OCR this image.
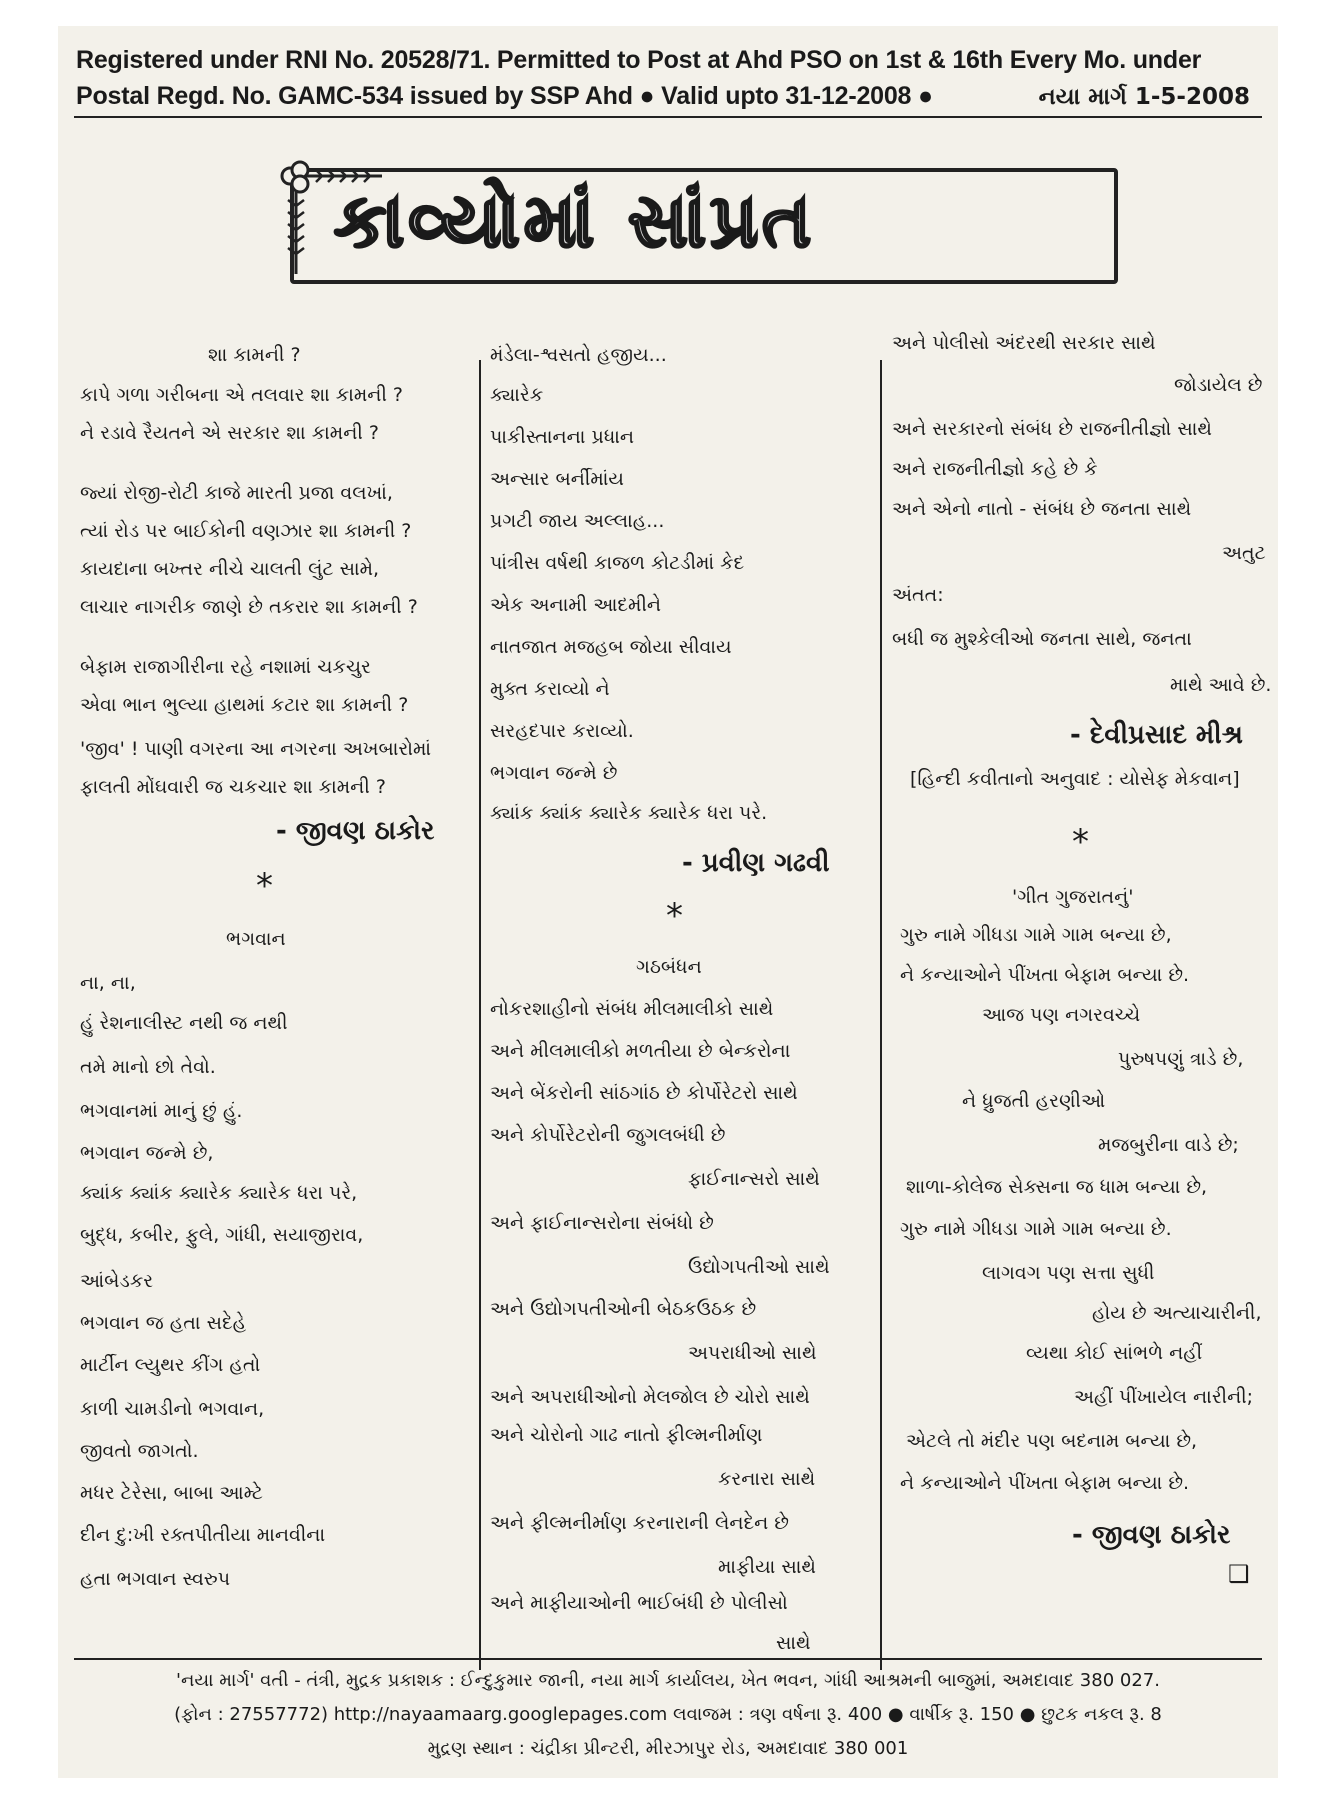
Registered under RNI No. 20528/71. Permitted to Post at Ahd PSO on 1st & 16th Every Mo. under
Postal Regd. No. GAMC-534 issued by SSP Ahd ● Valid upto 31-12-2008 ●	નયા માર્ગ 1-5-2008
કાવ્યોમાં સાંપ્રત
શા કામની ?
કાપે ગળા ગરીબના એ તલવાર શા કામની ?
ને રડાવે રૈયતને એ સરકાર શા કામની ?
જ્યાં રોજી-રોટી કાજે મારતી પ્રજા વલખાં,
ત્યાં રોડ પર બાઈકોની વણઝાર શા કામની ?
કાયદાના બખ્તર નીચે ચાલતી લુંટ સામે,
લાચાર નાગરીક જાણે છે તકરાર શા કામની ?
બેફામ રાજાગીરીના રહે નશામાં ચકચુર
એવા ભાન ભુલ્યા હાથમાં કટાર શા કામની ?
'જીવ' ! પાણી વગરના આ નગરના અખબારોમાં
ફાલતી મોંઘવારી જ ચકચાર શા કામની ?
- જીવણ ઠાકોર
*
ભગવાન
ના, ના,
હું રેશનાલીસ્ટ નથી જ નથી
તમે માનો છો તેવો.
ભગવાનમાં માનું છું હું.
ભગવાન જન્મે છે,
ક્યાંક ક્યાંક ક્યારેક ક્યારેક ધરા પરે,
બુદ્ધ, કબીર, ફુલે, ગાંધી, સયાજીરાવ,
આંબેડકર
ભગવાન જ હતા સદેહે
માર્ટીન લ્યુથર કીંગ હતો
કાળી ચામડીનો ભગવાન,
જીવતો જાગતો.
મધર ટેરેસા, બાબા આમ્ટે
દીન દુ:ખી રક્તપીતીયા માનવીના
હતા ભગવાન સ્વરુપ
મંડેલા-શ્વસતો હજીય...
ક્યારેક
પાકીસ્તાનના પ્રધાન
અન્સાર બર્નીમાંય
પ્રગટી જાય અલ્લાહ...
પાંત્રીસ વર્ષથી કાજળ કોટડીમાં કેદ
એક અનામી આદમીને
નાતજાત મજહબ જોયા સીવાય
મુક્ત કરાવ્યો ને
સરહદપાર કરાવ્યો.
ભગવાન જન્મે છે
ક્યાંક ક્યાંક ક્યારેક ક્યારેક ધરા પરે.
- પ્રવીણ ગઢવી
*
ગઠબંધન
નોકરશાહીનો સંબંધ મીલમાલીકો સાથે
અને મીલમાલીકો મળતીયા છે બેન્કરોના
અને બેંકરોની સાંઠગાંઠ છે કોર્પોરેટરો સાથે
અને કોર્પોરેટરોની જુગલબંધી છે
ફાઈનાન્સરો સાથે
અને ફાઈનાન્સરોના સંબંધો છે
ઉદ્યોગપતીઓ સાથે
અને ઉદ્યોગપતીઓની બેઠકઉઠક છે
અપરાધીઓ સાથે
અને અપરાધીઓનો મેલજોલ છે ચોરો સાથે
અને ચોરોનો ગાઢ નાતો ફીલ્મનીર્માણ
કરનારા સાથે
અને ફીલ્મનીર્માણ કરનારાની લેનદેન છે
માફીયા સાથે
અને માફીયાઓની ભાઈબંધી છે પોલીસો
સાથે
અને પોલીસો અંદરથી સરકાર સાથે
જોડાયેલ છે
અને સરકારનો સંબંધ છે રાજનીતીજ્ઞો સાથે
અને રાજનીતીજ્ઞો કહે છે કે
અને એનો નાતો - સંબંધ છે જનતા સાથે
અતુટ
અંતત:
બધી જ મુશ્કેલીઓ જનતા સાથે, જનતા
માથે આવે છે.
- દેવીપ્રસાદ મીશ્ર
[હિન્દી કવીતાનો અનુવાદ : યોસેફ મેકવાન]
*
'ગીત ગુજરાતનું'
ગુરુ નામે ગીધડા ગામે ગામ બન્યા છે,
ને કન્યાઓને પીંખતા બેફામ બન્યા છે.
આજ પણ નગરવચ્ચે
પુરુષપણું ત્રાડે છે,
ને ધ્રુજતી હરણીઓ
મજબુરીના વાડે છે;
શાળા-કોલેજ સેક્સના જ ધામ બન્યા છે,
ગુરુ નામે ગીધડા ગામે ગામ બન્યા છે.
લાગવગ પણ સત્તા સુધી
હોય છે અત્યાચારીની,
વ્યથા કોઈ સાંભળે નહીં
અહીં પીંખાયેલ નારીની;
એટલે તો મંદીર પણ બદનામ બન્યા છે,
ને કન્યાઓને પીંખતા બેફામ બન્યા છે.
- જીવણ ઠાકોર
❑
'નયા માર્ગ' વતી - તંત્રી, મુદ્રક પ્રકાશક : ઈન્દુકુમાર જાની, નયા માર્ગ કાર્યાલય, ખેત ભવન, ગાંધી આશ્રમની બાજુમાં, અમદાવાદ 380 027.
(ફોન : 27557772) http://nayaamaarg.googlepages.com લવાજમ : ત્રણ વર્ષના રૂ. 400 ● વાર્ષીક રૂ. 150 ● છુટક નકલ રૂ. 8
મુદ્રણ સ્થાન : ચંદ્રીકા પ્રીન્ટરી, મીરઝાપુર રોડ, અમદાવાદ 380 001
